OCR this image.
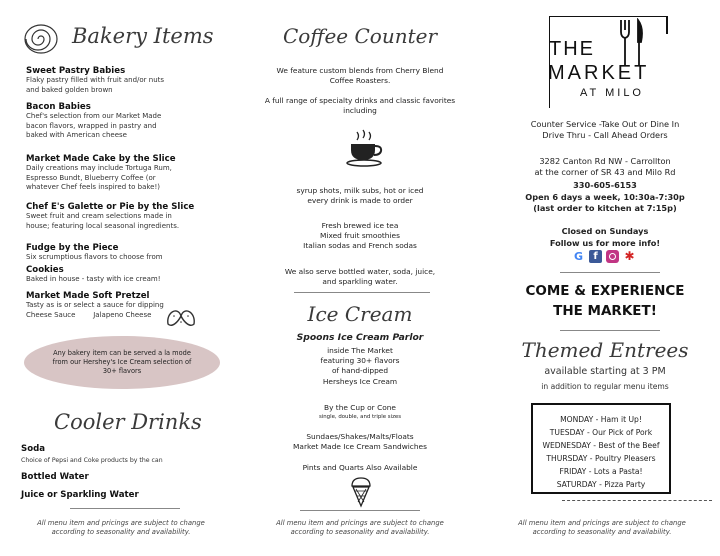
Bakery Items
Sweet Pastry Babies
Flaky pastry filled with fruit and/or nuts
and baked golden brown
Bacon Babies
Chef's selection from our Market Made
bacon flavors, wrapped in pastry and
baked with American cheese
Market Made Cake by the Slice
Daily creations may include Tortuga Rum,
Espresso Bundt, Blueberry Coffee (or
whatever Chef feels inspired to bake!)
Chef E's Galette or Pie by the Slice
Sweet fruit and cream selections made in
house; featuring local seasonal ingredients.
Fudge by the Piece
Six scrumptious flavors to choose from
Cookies
Baked in house - tasty with ice cream!
Market Made Soft Pretzel
Tasty as is or select a sauce for dipping
Cheese Sauce        Jalapeno Cheese
Any bakery item can be served a la mode
from our Hershey's Ice Cream selection of
30+ flavors
Cooler Drinks
Soda
Choice of Pepsi and Coke products by the can
Bottled Water
Juice or Sparkling Water
All menu item and pricings are subject to change
according to seasonality and availability.
Coffee Counter
We feature custom blends from Cherry Blend
Coffee Roasters.
A full range of specialty drinks and classic favorites
including
syrup shots, milk subs, hot or iced
every drink is made to order
Fresh brewed ice tea
Mixed fruit smoothies
Italian sodas and French sodas
We also serve bottled water, soda, juice,
and sparkling water.
Ice Cream
Spoons Ice Cream Parlor
inside The Market
featuring 30+ flavors
of hand-dipped
Hersheys Ice Cream
By the Cup or Cone
single, double, and triple sizes
Sundaes/Shakes/Malts/Floats
Market Made Ice Cream Sandwiches
Pints and Quarts Also Available
All menu item and pricings are subject to change
according to seasonality and availability.
THE
MARKET
AT MILO
Counter Service -Take Out or Dine In
Drive Thru - Call Ahead Orders
3282 Canton Rd NW - Carrollton
at the corner of SR 43 and Milo Rd
330-605-6153
Open 6 days a week, 10:30a-7:30p
(last order to kitchen at 7:15p)
Closed on Sundays
Follow us for more info!
G	f	✱
COME & EXPERIENCE
THE MARKET!
Themed Entrees
available starting at 3 PM
in addition to regular menu items
MONDAY - Ham it Up!
TUESDAY - Our Pick of Pork
WEDNESDAY - Best of the Beef
THURSDAY - Poultry Pleasers
FRIDAY - Lots a Pasta!
SATURDAY - Pizza Party
All menu item and pricings are subject to change
according to seasonality and availability.
